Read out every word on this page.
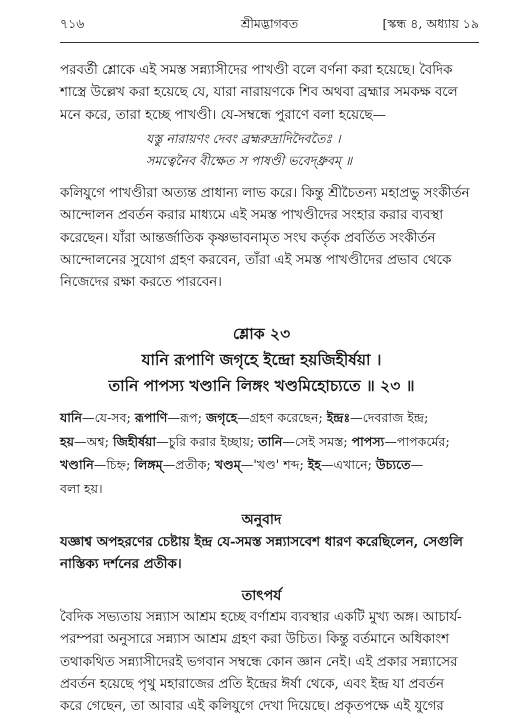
৭১৬	শ্রীমদ্ভাগবত	[স্কন্ধ ৪, অধ্যায় ১৯
পরবর্তী শ্লোকে এই সমস্ত সন্ন্যাসীদের পাখণ্ডী বলে বর্ণনা করা হয়েছে। বৈদিক
শাস্ত্রে উল্লেখ করা হয়েছে যে, যারা নারায়ণকে শিব অথবা ব্রহ্মার সমকক্ষ বলে
মনে করে, তারা হচ্ছে পাখণ্ডী। যে-সম্বন্ধে পুরাণে বলা হয়েছে—
যস্তু নারায়ণং দেবং ব্রহ্মরুদ্রাদিদৈবতৈঃ ।
সমত্বেনৈব বীক্ষেত স পাষণ্ডী ভবেদ্ধ্রুবম্ ॥
কলিযুগে পাখণ্ডীরা অত্যন্ত প্রাধান্য লাভ করে। কিন্তু শ্রীচৈতন্য মহাপ্রভু সংকীর্তন
আন্দোলন প্রবর্তন করার মাধ্যমে এই সমস্ত পাখণ্ডীদের সংহার করার ব্যবস্থা
করেছেন। যাঁরা আন্তর্জাতিক কৃষ্ণভাবনামৃত সংঘ কর্তৃক প্রবর্তিত সংকীর্তন
আন্দোলনের সুযোগ গ্রহণ করবেন, তাঁরা এই সমস্ত পাখণ্ডীদের প্রভাব থেকে
নিজেদের রক্ষা করতে পারবেন।
শ্লোক ২৩
যানি রূপাণি জগৃহে ইন্দ্রো হয়জিহীর্ষয়া ।
তানি পাপস্য খণ্ডানি লিঙ্গং খণ্ডমিহোচ্যতে ॥ ২৩ ॥
যানি—যে-সব; রূপাণি—রূপ; জগৃহে—গ্রহণ করেছেন; ইন্দ্রঃ—দেবরাজ ইন্দ্র;
হয়—অশ্ব; জিহীর্ষয়া—চুরি করার ইচ্ছায়; তানি—সেই সমস্ত; পাপস্য—পাপকর্মের;
খণ্ডানি—চিহ্ন; লিঙ্গম্—প্রতীক; খণ্ডম্—'খণ্ড' শব্দ; ইহ—এখানে; উচ্যতে—
বলা হয়।
অনুবাদ
যজ্ঞাশ্ব অপহরণের চেষ্টায় ইন্দ্র যে-সমস্ত সন্ন্যাসবেশ ধারণ করেছিলেন, সেগুলি
নাস্তিক্য দর্শনের প্রতীক।
তাৎপর্য
বৈদিক সভ্যতায় সন্ন্যাস আশ্রম হচ্ছে বর্ণাশ্রম ব্যবস্থার একটি মুখ্য অঙ্গ। আচার্য-
পরম্পরা অনুসারে সন্ন্যাস আশ্রম গ্রহণ করা উচিত। কিন্তু বর্তমানে অধিকাংশ
তথাকথিত সন্ন্যাসীদেরই ভগবান সম্বন্ধে কোন জ্ঞান নেই। এই প্রকার সন্ন্যাসের
প্রবর্তন হয়েছে পৃথু মহারাজের প্রতি ইন্দ্রের ঈর্ষা থেকে, এবং ইন্দ্র যা প্রবর্তন
করে গেছেন, তা আবার এই কলিযুগে দেখা দিয়েছে। প্রকৃতপক্ষে এই যুগের
